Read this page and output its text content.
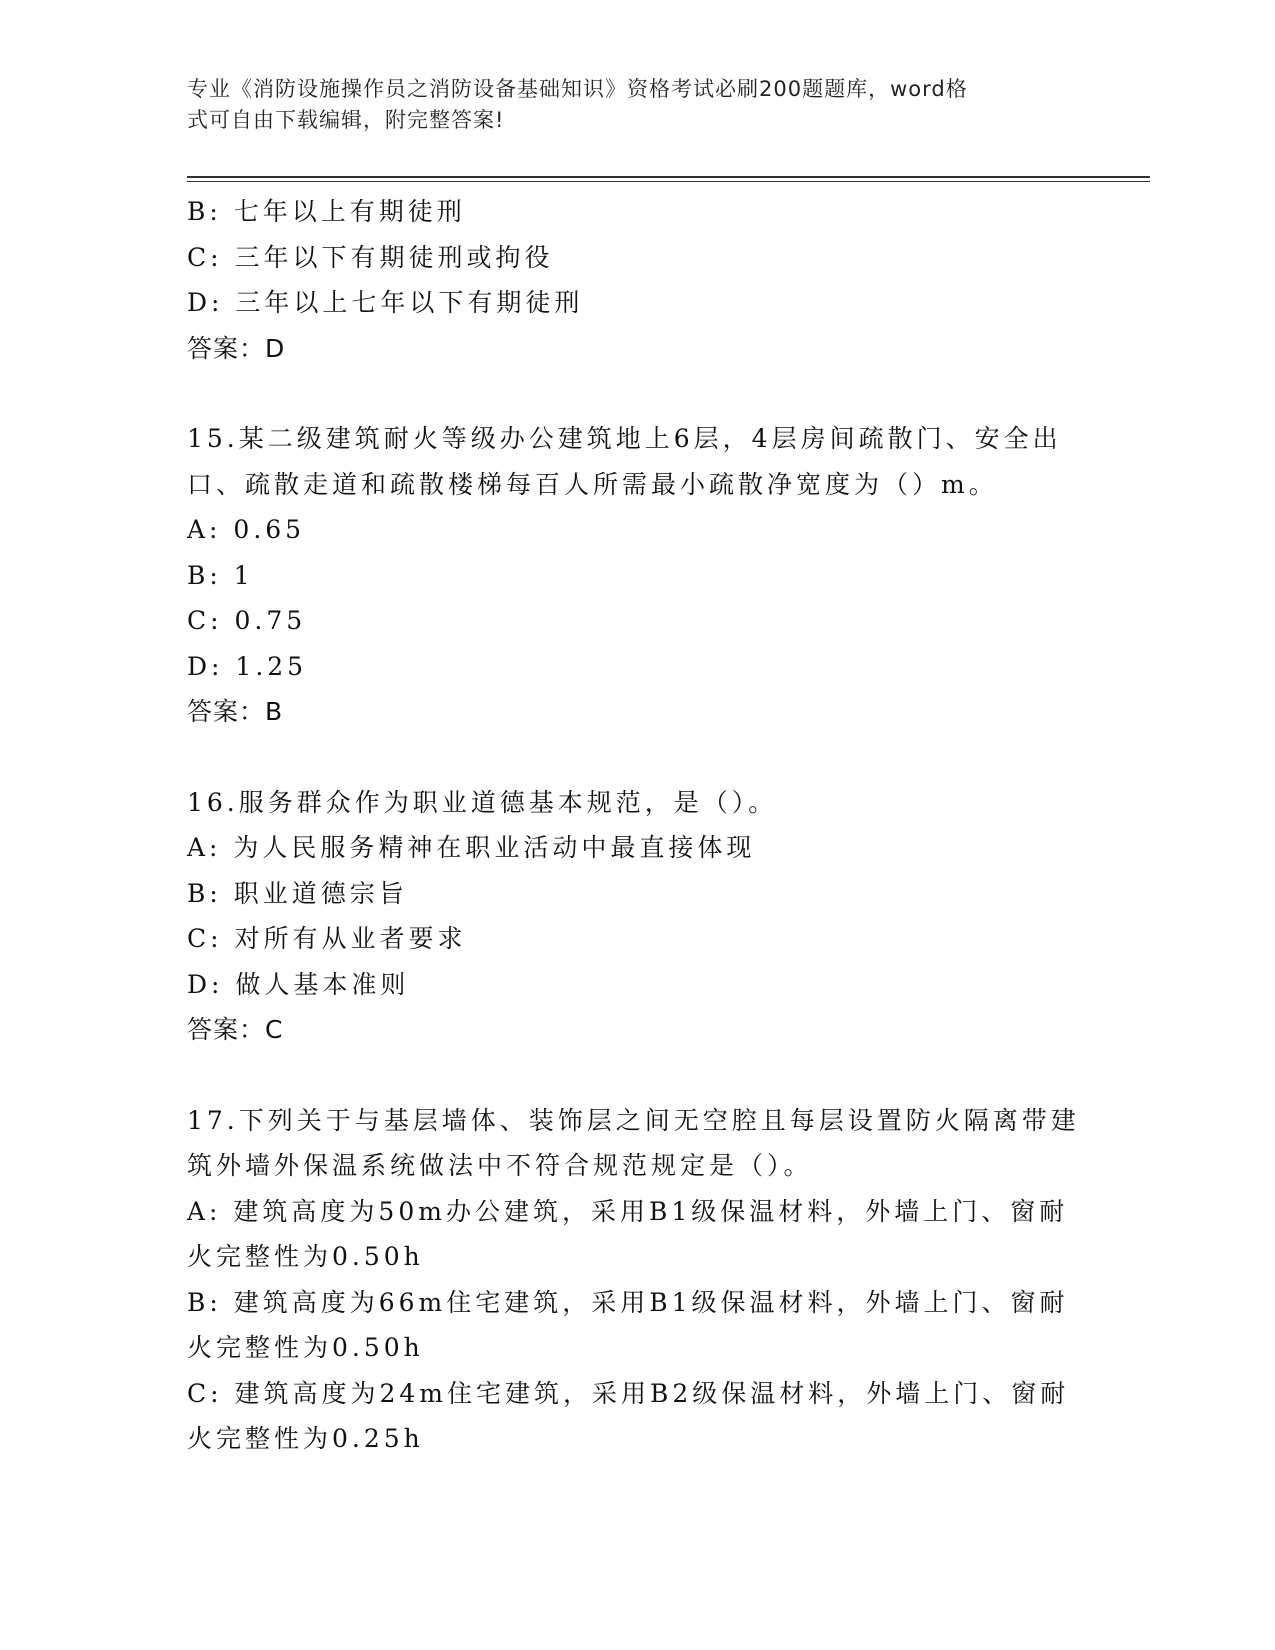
专业《消防设施操作员之消防设备基础知识》资格考试必刷200题题库，word格
式可自由下载编辑，附完整答案!
B: 七年以上有期徒刑
C: 三年以下有期徒刑或拘役
D: 三年以上七年以下有期徒刑
答案：D
15.某二级建筑耐火等级办公建筑地上6层，4层房间疏散门、安全出
口、疏散走道和疏散楼梯每百人所需最小疏散净宽度为（）m。
A: 0.65
B: 1
C: 0.75
D: 1.25
答案：B
16.服务群众作为职业道德基本规范，是（）。
A: 为人民服务精神在职业活动中最直接体现
B: 职业道德宗旨
C: 对所有从业者要求
D: 做人基本准则
答案：C
17.下列关于与基层墙体、装饰层之间无空腔且每层设置防火隔离带建
筑外墙外保温系统做法中不符合规范规定是（）。
A: 建筑高度为50m办公建筑，采用B1级保温材料，外墙上门、窗耐
火完整性为0.50h
B: 建筑高度为66m住宅建筑，采用B1级保温材料，外墙上门、窗耐
火完整性为0.50h
C: 建筑高度为24m住宅建筑，采用B2级保温材料，外墙上门、窗耐
火完整性为0.25h
